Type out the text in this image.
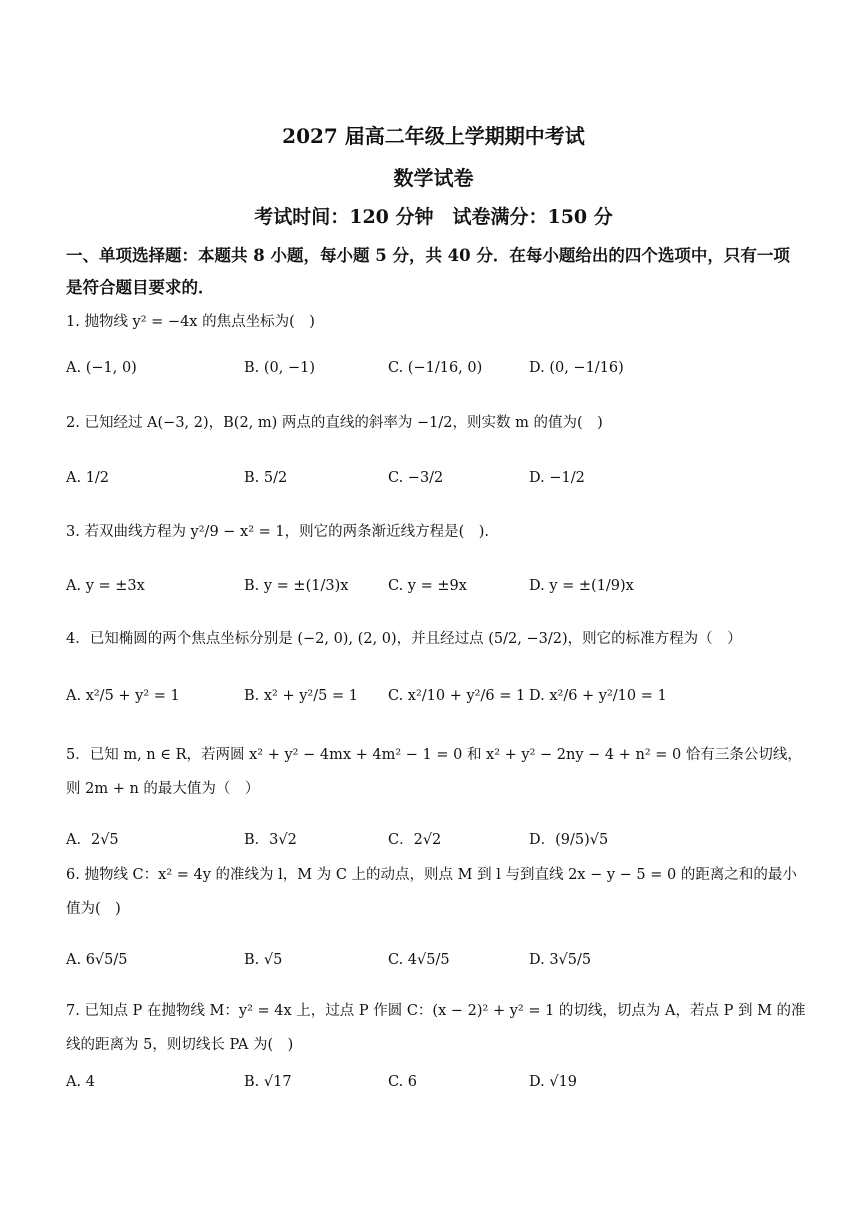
2027 届高二年级上学期期中考试
数学试卷
考试时间：120 分钟　试卷满分：150 分
一、单项选择题：本题共 8 小题，每小题 5 分，共 40 分．在每小题给出的四个选项中，只有一项是符合题目要求的．
1. 抛物线 y² = −4x 的焦点坐标为(　)
A. (−1, 0)	B. (0, −1)	C. (−1/16, 0)	D. (0, −1/16)
2. 已知经过 A(−3, 2)，B(2, m) 两点的直线的斜率为 −1/2，则实数 m 的值为(　)
A. 1/2	B. 5/2	C. −3/2	D. −1/2
3. 若双曲线方程为 y²/9 − x² = 1，则它的两条渐近线方程是(　).
A. y = ±3x	B. y = ±(1/3)x	C. y = ±9x	D. y = ±(1/9)x
4．已知椭圆的两个焦点坐标分别是 (−2, 0), (2, 0)，并且经过点 (5/2, −3/2)，则它的标准方程为（　）
A. x²/5 + y² = 1	B. x² + y²/5 = 1 C. x²/10 + y²/6 = 1 D. x²/6 + y²/10 = 1
5．已知 m, n ∈ R，若两圆 x² + y² − 4mx + 4m² − 1 = 0 和 x² + y² − 2ny − 4 + n² = 0 恰有三条公切线，则 2m + n 的最大值为（　）
A．2√5	B．3√2	C．2√2	D．(9/5)√5
6. 抛物线 C：x² = 4y 的准线为 l，M 为 C 上的动点，则点 M 到 l 与到直线 2x − y − 5 = 0 的距离之和的最小值为(　)
A. 6√5/5	B. √5	C. 4√5/5	D. 3√5/5
7. 已知点 P 在抛物线 M：y² = 4x 上，过点 P 作圆 C：(x − 2)² + y² = 1 的切线，切点为 A，若点 P 到 M 的准线的距离为 5，则切线长 PA 为(　)
A. 4	B. √17	C. 6	D. √19
